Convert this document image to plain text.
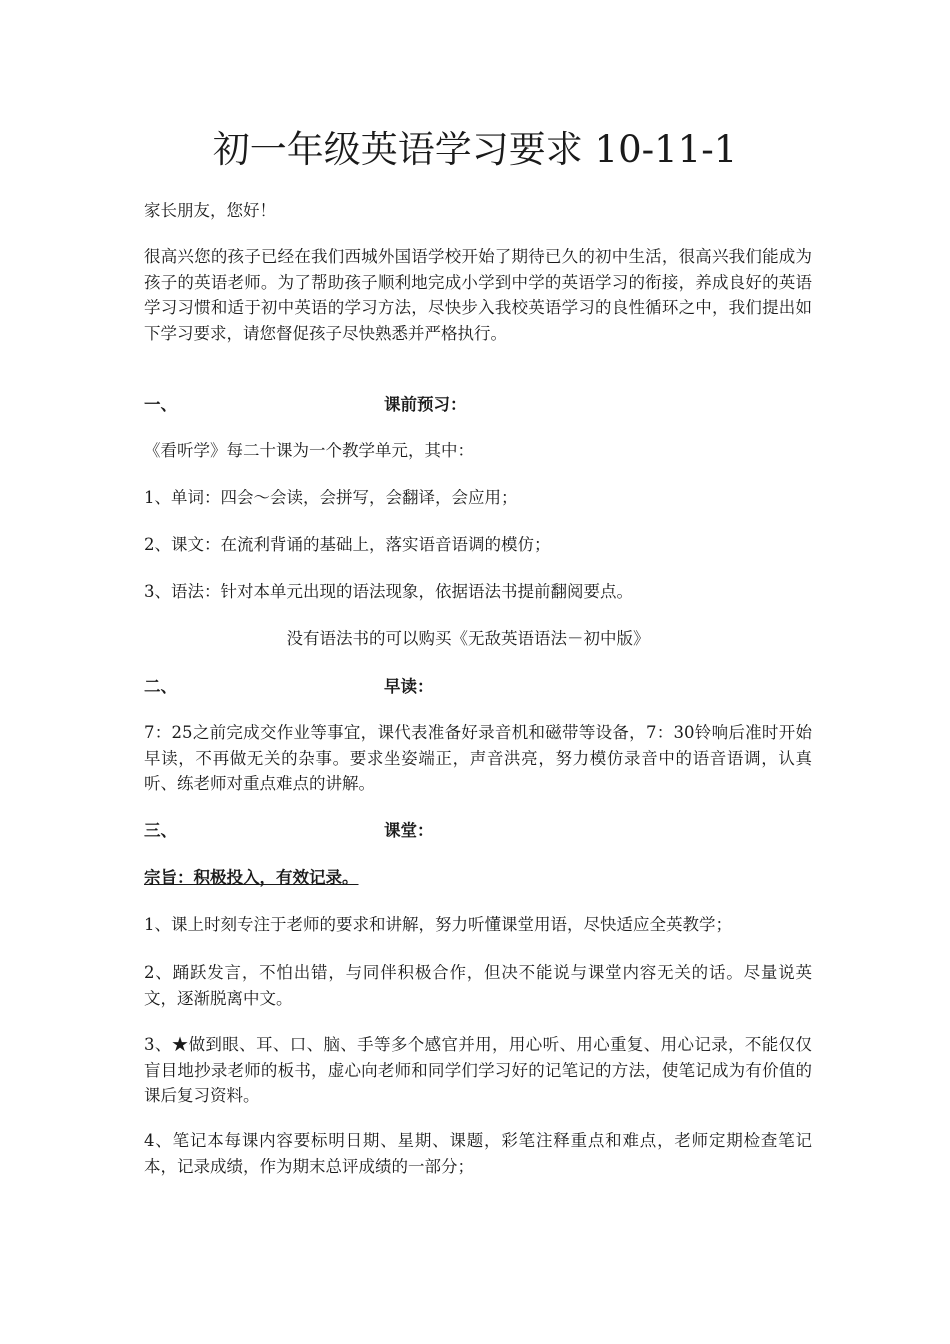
初一年级英语学习要求 10-11-1

家长朋友，您好！

很高兴您的孩子已经在我们西城外国语学校开始了期待已久的初中生活，很高兴我们能成为孩子的英语老师。为了帮助孩子顺利地完成小学到中学的英语学习的衔接，养成良好的英语学习习惯和适于初中英语的学习方法，尽快步入我校英语学习的良性循环之中，我们提出如下学习要求，请您督促孩子尽快熟悉并严格执行。

一、	课前预习：

《看听学》每二十课为一个教学单元，其中：

1、单词：四会～会读，会拼写，会翻译，会应用；

2、课文：在流利背诵的基础上，落实语音语调的模仿；

3、语法：针对本单元出现的语法现象，依据语法书提前翻阅要点。

没有语法书的可以购买《无敌英语语法－初中版》

二、	早读：

7：25之前完成交作业等事宜，课代表准备好录音机和磁带等设备，7：30铃响后准时开始早读，不再做无关的杂事。要求坐姿端正，声音洪亮，努力模仿录音中的语音语调，认真听、练老师对重点难点的讲解。

三、	课堂：

宗旨：积极投入，有效记录。

1、课上时刻专注于老师的要求和讲解，努力听懂课堂用语，尽快适应全英教学；

2、踊跃发言，不怕出错，与同伴积极合作，但决不能说与课堂内容无关的话。尽量说英文，逐渐脱离中文。

3、★做到眼、耳、口、脑、手等多个感官并用，用心听、用心重复、用心记录，不能仅仅盲目地抄录老师的板书，虚心向老师和同学们学习好的记笔记的方法，使笔记成为有价值的课后复习资料。

4、笔记本每课内容要标明日期、星期、课题，彩笔注释重点和难点，老师定期检查笔记本，记录成绩，作为期末总评成绩的一部分；
